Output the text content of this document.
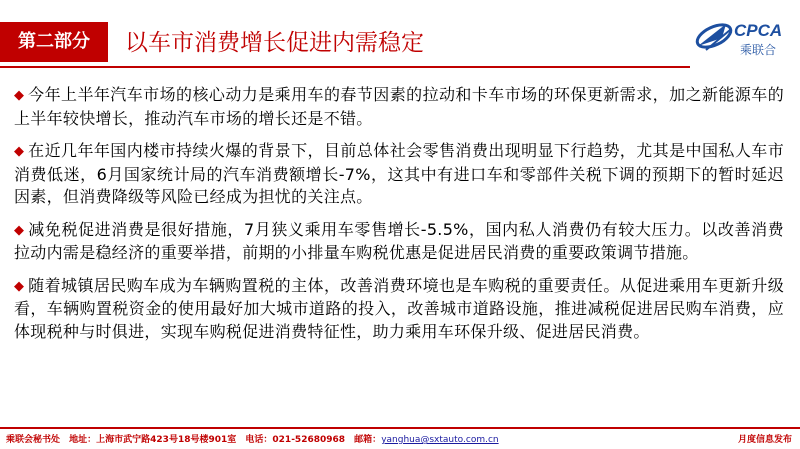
第二部分	以车市消费增长促进内需稳定	CPCA
乘联合

◆ 今年上半年汽车市场的核心动力是乘用车的春节因素的拉动和卡车市场的环保更新需求，加之新能源车的上半年较快增长，推动汽车市场的增长还是不错。

◆ 在近几年年国内楼市持续火爆的背景下，目前总体社会零售消费出现明显下行趋势，尤其是中国私人车市消费低迷，6月国家统计局的汽车消费额增长-7%，这其中有进口车和零部件关税下调的预期下的暂时延迟因素，但消费降级等风险已经成为担忧的关注点。

◆ 减免税促进消费是很好措施，7月狭义乘用车零售增长-5.5%，国内私人消费仍有较大压力。以改善消费拉动内需是稳经济的重要举措，前期的小排量车购税优惠是促进居民消费的重要政策调节措施。

◆ 随着城镇居民购车成为车辆购置税的主体，改善消费环境也是车购税的重要责任。从促进乘用车更新升级看，车辆购置税资金的使用最好加大城市道路的投入，改善城市道路设施，推进减税促进居民购车消费，应体现税种与时俱进，实现车购税促进消费特征性，助力乘用车环保升级、促进居民消费。

乘联会秘书处 地址：上海市武宁路423号18号楼901室 电话：021-52680968 邮箱：yanghua@sxtauto.com.cn	月度信息发布
